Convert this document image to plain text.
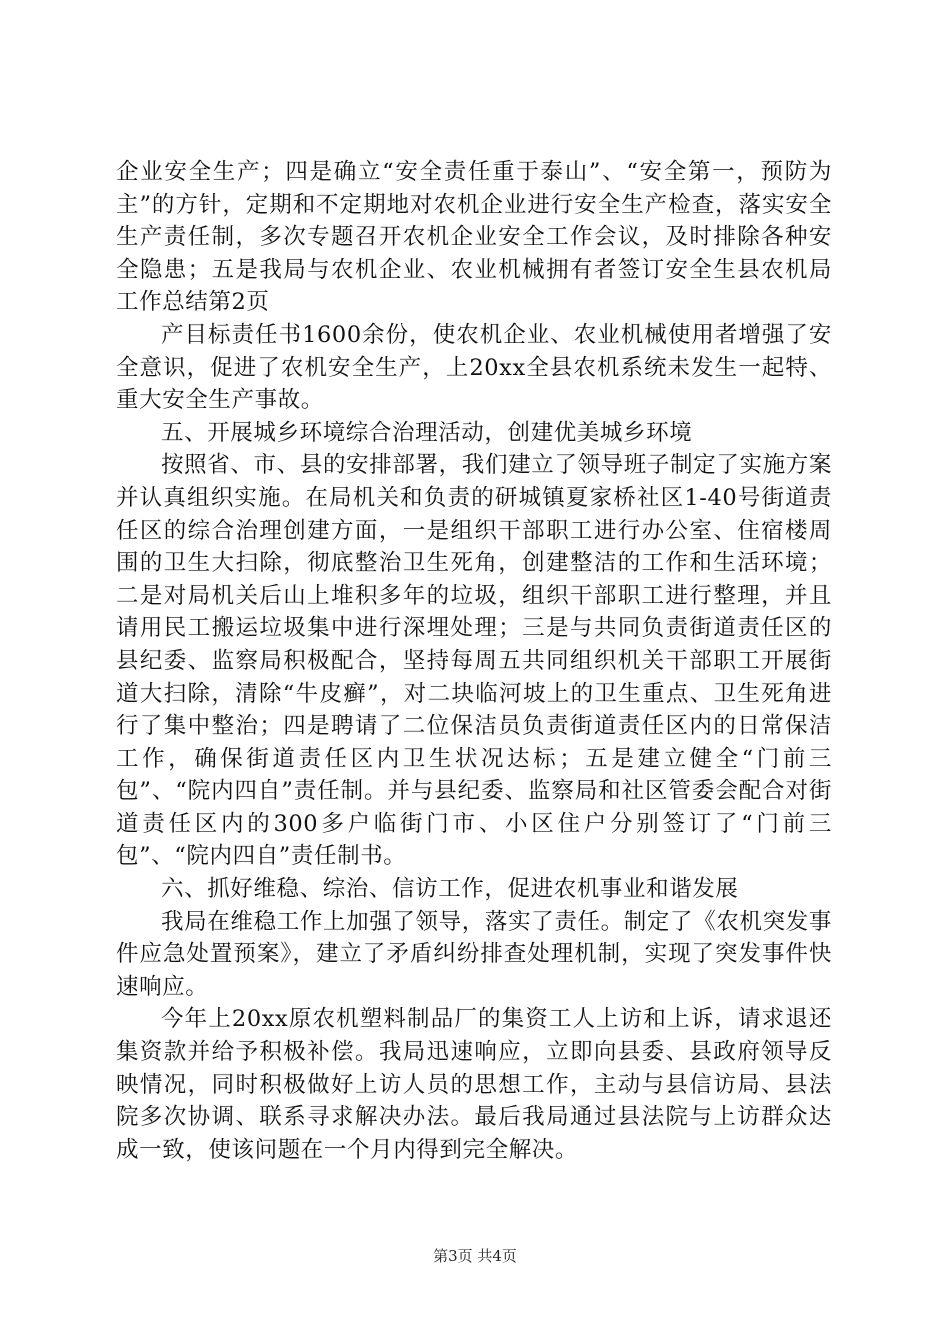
企业安全生产；四是确立“安全责任重于泰山”、“安全第一，预防为主”的方针，定期和不定期地对农机企业进行安全生产检查，落实安全生产责任制，多次专题召开农机企业安全工作会议，及时排除各种安全隐患；五是我局与农机企业、农业机械拥有者签订安全生县农机局工作总结第2页

产目标责任书1600余份，使农机企业、农业机械使用者增强了安全意识，促进了农机安全生产，上20xx全县农机系统未发生一起特、重大安全生产事故。

五、开展城乡环境综合治理活动，创建优美城乡环境

按照省、市、县的安排部署，我们建立了领导班子制定了实施方案并认真组织实施。在局机关和负责的研城镇夏家桥社区1-40号街道责任区的综合治理创建方面，一是组织干部职工进行办公室、住宿楼周围的卫生大扫除，彻底整治卫生死角，创建整洁的工作和生活环境；二是对局机关后山上堆积多年的垃圾，组织干部职工进行整理，并且请用民工搬运垃圾集中进行深埋处理；三是与共同负责街道责任区的县纪委、监察局积极配合，坚持每周五共同组织机关干部职工开展街道大扫除，清除“牛皮癣”，对二块临河坡上的卫生重点、卫生死角进行了集中整治；四是聘请了二位保洁员负责街道责任区内的日常保洁工作，确保街道责任区内卫生状况达标；五是建立健全“门前三包”、“院内四自”责任制。并与县纪委、监察局和社区管委会配合对街道责任区内的300多户临街门市、小区住户分别签订了“门前三包”、“院内四自”责任制书。

六、抓好维稳、综治、信访工作，促进农机事业和谐发展

我局在维稳工作上加强了领导，落实了责任。制定了《农机突发事件应急处置预案》，建立了矛盾纠纷排查处理机制，实现了突发事件快速响应。

今年上20xx原农机塑料制品厂的集资工人上访和上诉，请求退还集资款并给予积极补偿。我局迅速响应，立即向县委、县政府领导反映情况，同时积极做好上访人员的思想工作，主动与县信访局、县法院多次协调、联系寻求解决办法。最后我局通过县法院与上访群众达成一致，使该问题在一个月内得到完全解决。

第3页 共4页
